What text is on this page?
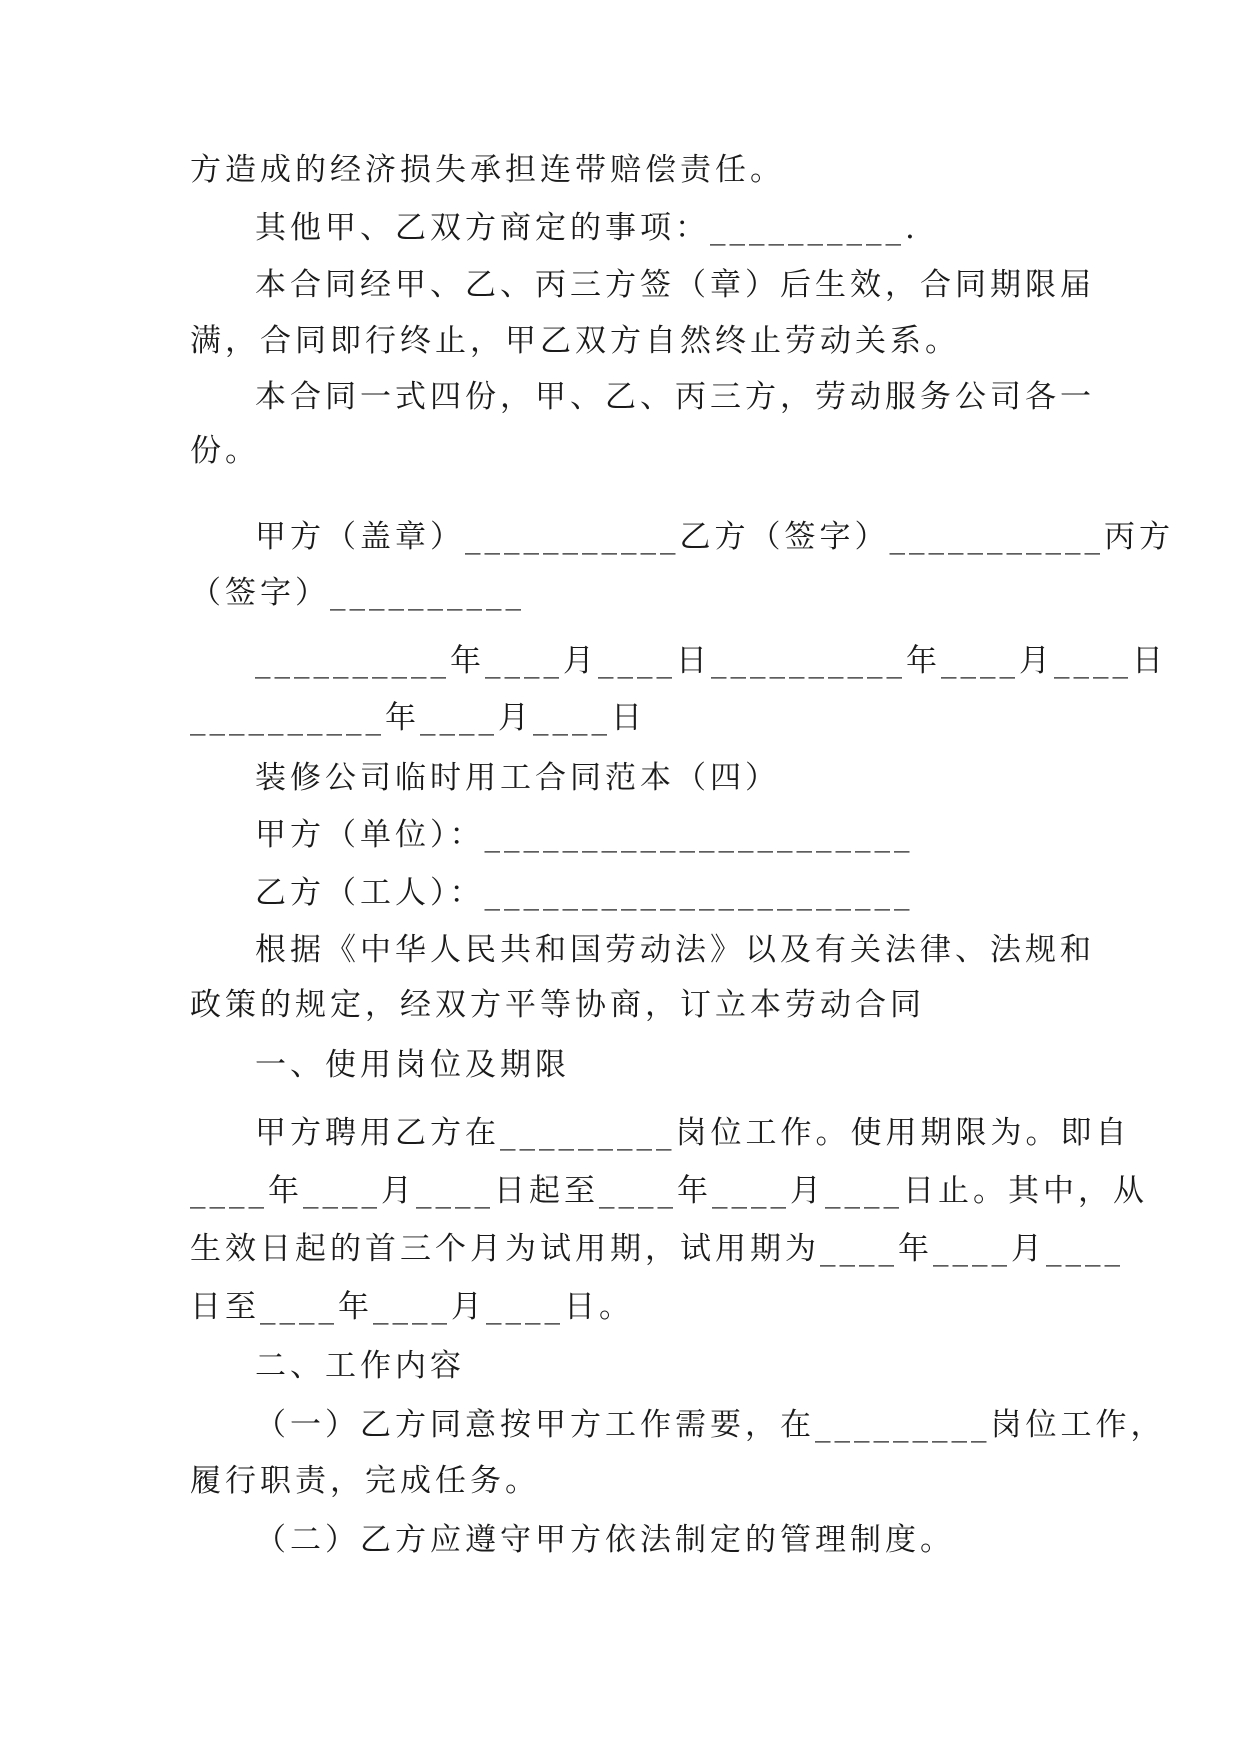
方造成的经济损失承担连带赔偿责任。
其他甲、乙双方商定的事项：__________.
本合同经甲、乙、丙三方签（章）后生效，合同期限届
满，合同即行终止，甲乙双方自然终止劳动关系。
本合同一式四份，甲、乙、丙三方，劳动服务公司各一
份。
甲方（盖章）___________乙方（签字）___________丙方
（签字）__________
__________年____月____日__________年____月____日
__________年____月____日
装修公司临时用工合同范本（四）
甲方（单位）：______________________
乙方（工人）：______________________
根据《中华人民共和国劳动法》以及有关法律、法规和
政策的规定，经双方平等协商，订立本劳动合同
一、使用岗位及期限
甲方聘用乙方在_________岗位工作。使用期限为。即自
____年____月____日起至____年____月____日止。其中，从
生效日起的首三个月为试用期，试用期为____年____月____
日至____年____月____日。
二、工作内容
（一）乙方同意按甲方工作需要，在_________岗位工作，
履行职责，完成任务。
（二）乙方应遵守甲方依法制定的管理制度。
